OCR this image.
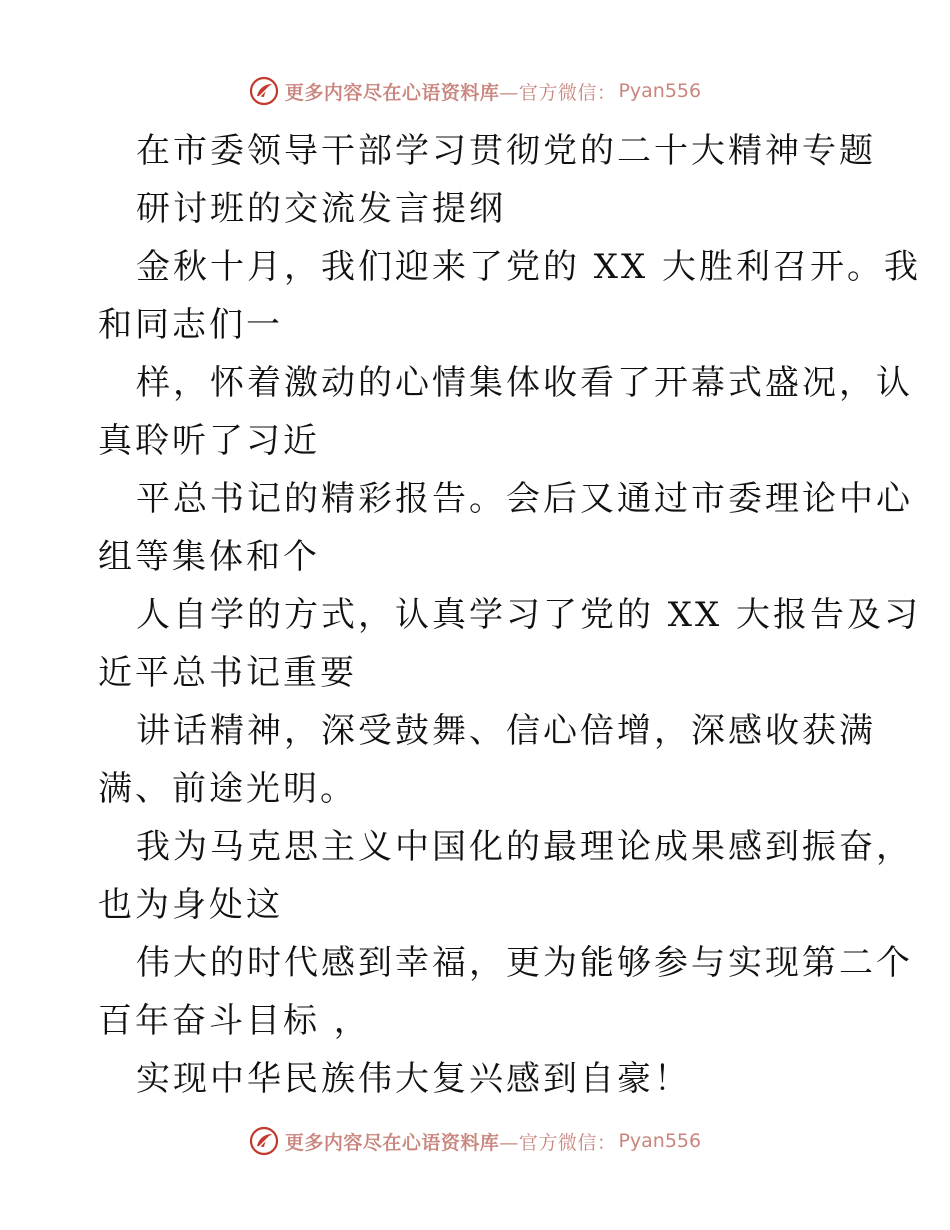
更多内容尽在心语资料库—官方微信： Pyan556
在市委领导干部学习贯彻党的二十大精神专题
研讨班的交流发言提纲
金秋十月，我们迎来了党的 XX 大胜利召开。我
和同志们一
样，怀着激动的心情集体收看了开幕式盛况，认
真聆听了习近
平总书记的精彩报告。会后又通过市委理论中心
组等集体和个
人自学的方式，认真学习了党的 XX 大报告及习
近平总书记重要
讲话精神，深受鼓舞、信心倍增，深感收获满
满、前途光明。
我为马克思主义中国化的最理论成果感到振奋，
也为身处这
伟大的时代感到幸福，更为能够参与实现第二个
百年奋斗目标 ，
实现中华民族伟大复兴感到自豪！
更多内容尽在心语资料库—官方微信： Pyan556
